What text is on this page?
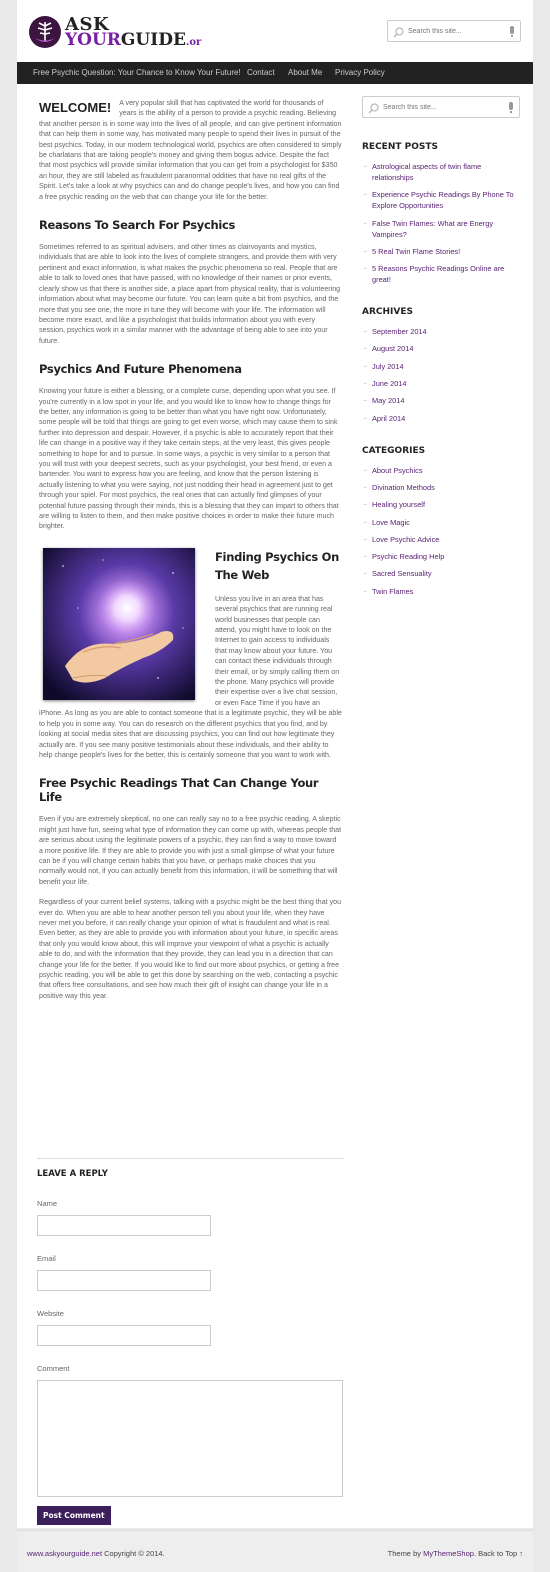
ASK
YOURGUIDE.or
Search this site...
Free Psychic Question: Your Chance to Know Your Future! Contact About Me Privacy Policy
WELCOME!	A very popular skill that has captivated the world for thousands of years is the ability of a person to provide a psychic reading. Believing that another person is in some way into the lives of all people, and can give pertinent information that can help them in some way, has motivated many people to spend their lives in pursuit of the best psychics. Today, in our modern technological world, psychics are often considered to simply be charlatans that are taking people's money and giving them bogus advice. Despite the fact that most psychics will provide similar information that you can get from a psychologist for $350 an hour, they are still labeled as fraudulent paranormal oddities that have no real gifts of the Spirit. Let's take a look at why psychics can and do change people's lives, and how you can find a free psychic reading on the web that can change your life for the better.

Reasons To Search For Psychics

Sometimes referred to as spiritual advisers, and other times as clairvoyants and mystics, individuals that are able to look into the lives of complete strangers, and provide them with very pertinent and exact information, is what makes the psychic phenomena so real. People that are able to talk to loved ones that have passed, with no knowledge of their names or prior events, clearly show us that there is another side, a place apart from physical reality, that is volunteering information about what may become our future. You can learn quite a bit from psychics, and the more that you see one, the more in tune they will become with your life. The information will become more exact, and like a psychologist that builds information about you with every session, psychics work in a similar manner with the advantage of being able to see into your future.

Psychics And Future Phenomena

Knowing your future is either a blessing, or a complete curse, depending upon what you see. If you're currently in a low spot in your life, and you would like to know how to change things for the better, any information is going to be better than what you have right now. Unfortunately, some people will be told that things are going to get even worse, which may cause them to sink further into depression and despair. However, if a psychic is able to accurately report that their life can change in a positive way if they take certain steps, at the very least, this gives people something to hope for and to pursue. In some ways, a psychic is very similar to a person that you will trust with your deepest secrets, such as your psychologist, your best friend, or even a bartender. You want to express how you are feeling, and know that the person listening is actually listening to what you were saying, not just nodding their head in agreement just to get through your spiel. For most psychics, the real ones that can actually find glimpses of your potential future passing through their minds, this is a blessing that they can impart to others that are willing to listen to them, and then make positive choices in order to make their future much brighter.

Finding Psychics On The Web

Unless you live in an area that has several psychics that are running real world businesses that people can attend, you might have to look on the Internet to gain access to individuals that may know about your future. You can contact these individuals through their email, or by simply calling them on the phone. Many psychics will provide their expertise over a live chat session, or even Face Time if you have an iPhone. As long as you are able to contact someone that is a legitimate psychic, they will be able to help you in some way. You can do research on the different psychics that you find, and by looking at social media sites that are discussing psychics, you can find out how legitimate they actually are. If you see many positive testimonials about these individuals, and their ability to help change people's lives for the better, this is certainly someone that you want to work with.

Free Psychic Readings That Can Change Your Life

Even if you are extremely skeptical, no one can really say no to a free psychic reading. A skeptic might just have fun, seeing what type of information they can come up with, whereas people that are serious about using the legitimate powers of a psychic, they can find a way to move toward a more positive life. If they are able to provide you with just a small glimpse of what your future can be if you will change certain habits that you have, or perhaps make choices that you normally would not, if you can actually benefit from this information, it will be something that will benefit your life.

Regardless of your current belief systems, talking with a psychic might be the best thing that you ever do. When you are able to hear another person tell you about your life, when they have never met you before, it can really change your opinion of what is fraudulent and what is real. Even better, as they are able to provide you with information about your future, in specific areas that only you would know about, this will improve your viewpoint of what a psychic is actually able to do, and with the information that they provide, they can lead you in a direction that can change your life for the better. If you would like to find out more about psychics, or getting a free psychic reading, you will be able to get this done by searching on the web, contacting a psychic that offers free consultations, and see how much their gift of insight can change your life in a positive way this year.

LEAVE A REPLY
Name
Email
Website
Comment
Post Comment
Search this site...
RECENT POSTS
→ Astrological aspects of twin flame relationships
→ Experience Psychic Readings By Phone To Explore Opportunities
→ False Twin Flames: What are Energy Vampires?
→ 5 Real Twin Flame Stories!
→ 5 Reasons Psychic Readings Online are great!
ARCHIVES
→ September 2014
→ August 2014
→ July 2014
→ June 2014
→ May 2014
→ April 2014
CATEGORIES
→ About Psychics
→ Divination Methods
→ Healing yourself
→ Love Magic
→ Love Psychic Advice
→ Psychic Reading Help
→ Sacred Sensuality
→ Twin Flames
www.askyourguide.net Copyright © 2014.	Theme by MyThemeShop. Back to Top ↑
